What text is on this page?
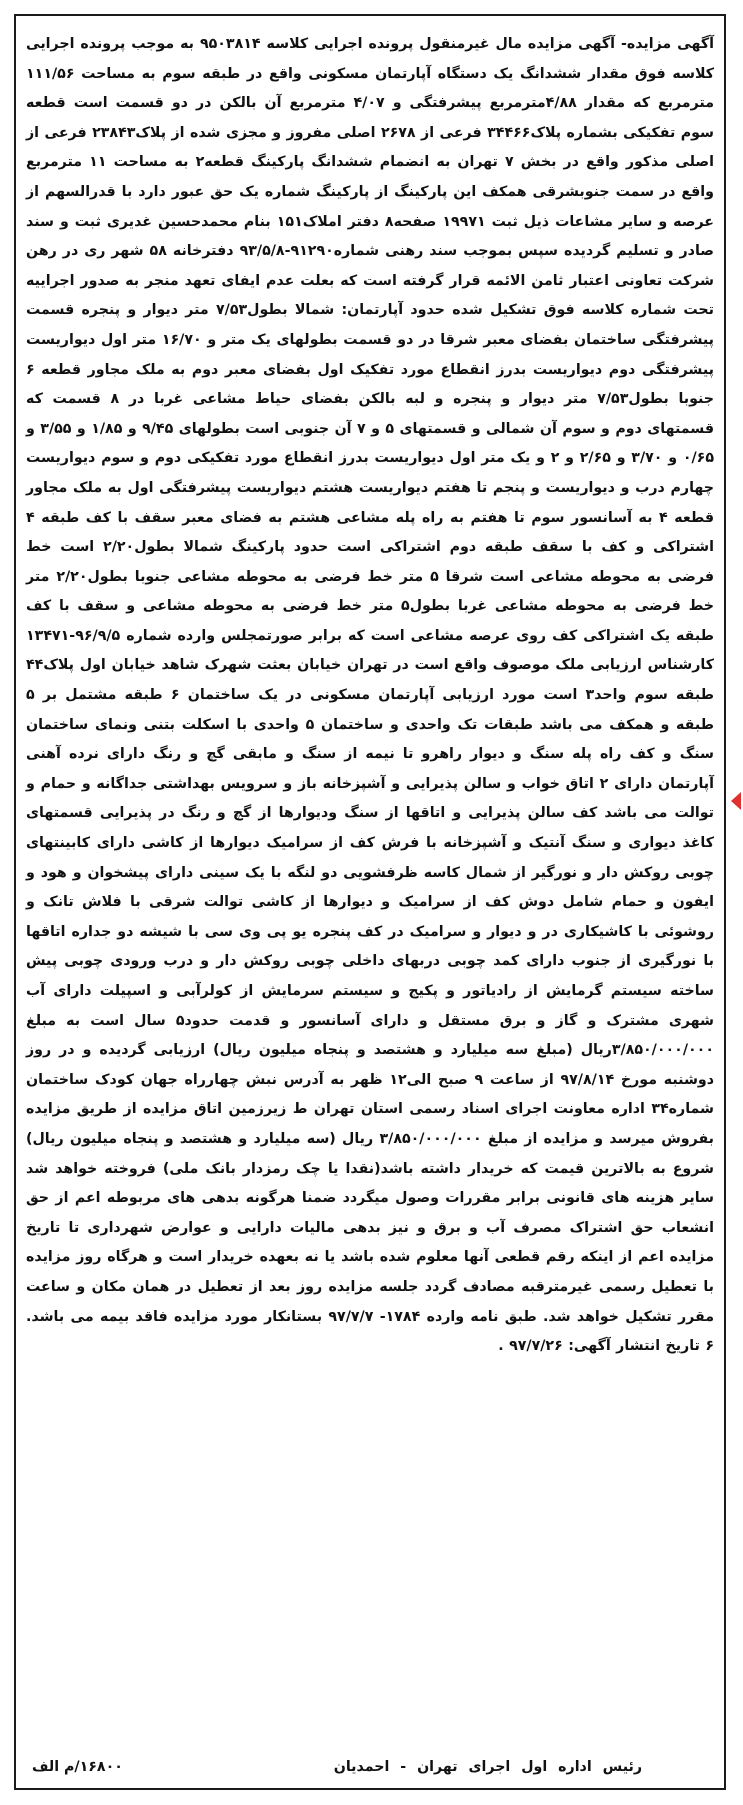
آگهی مزایده- آگهی مزایده مال غیرمنقول پرونده اجرایی کلاسه ۹۵۰۳۸۱۴ به موجب پرونده اجرایی کلاسه فوق مقدار ششدانگ یک دستگاه آپارتمان مسکونی واقع در طبقه سوم به مساحت ۱۱۱/۵۶ مترمربع که مقدار ۴/۸۸مترمربع پیشرفتگی و ۴/۰۷ مترمربع آن بالکن در دو قسمت است قطعه سوم تفکیکی بشماره پلاک۳۴۴۶۶ فرعی از ۲۶۷۸ اصلی مفروز و مجزی شده از پلاک۲۳۸۴۳ فرعی از اصلی مذکور واقع در بخش ۷ تهران به انضمام ششدانگ پارکینگ قطعه۲ به مساحت ۱۱ مترمربع واقع در سمت جنوبشرقی همکف این پارکینگ از پارکینگ شماره یک حق عبور دارد با قدرالسهم از عرصه و سایر مشاعات ذیل ثبت ۱۹۹۷۱ صفحه۸ دفتر املاک۱۵۱ بنام محمدحسین غدیری ثبت و سند صادر و تسلیم گردیده سپس بموجب سند رهنی شماره۹۱۲۹۰-۹۳/۵/۸ دفترخانه ۵۸ شهر ری در رهن شرکت تعاونی اعتبار ثامن الائمه قرار گرفته است که بعلت عدم ایفای تعهد منجر به صدور اجراییه تحت شماره کلاسه فوق تشکیل شده حدود آپارتمان: شمالا بطول۷/۵۳ متر دیوار و پنجره قسمت پیشرفتگی ساختمان بفضای معبر شرقا در دو قسمت بطولهای یک متر و ۱۶/۷۰ متر اول دیواریست پیشرفتگی دوم دیواریست بدرز انقطاع مورد تفکیک اول بفضای معبر دوم به ملک مجاور قطعه ۶ جنوبا بطول۷/۵۳ متر دیوار و پنجره و لبه بالکن بفضای حیاط مشاعی غربا در ۸ قسمت که قسمتهای دوم و سوم آن شمالی و قسمتهای ۵ و ۷ آن جنوبی است بطولهای ۹/۴۵ و ۱/۸۵ و ۳/۵۵ و ۰/۶۵ و ۳/۷۰ و ۲/۶۵ و ۲ و یک متر اول دیواریست بدرز انقطاع مورد تفکیکی دوم و سوم دیواریست چهارم درب و دیواریست و پنجم تا هفتم دیواریست هشتم دیواریست پیشرفتگی اول به ملک مجاور قطعه ۴ به آسانسور سوم تا هفتم به راه پله مشاعی هشتم به فضای معبر سقف با کف طبقه ۴ اشتراکی و کف با سقف طبقه دوم اشتراکی است حدود پارکینگ شمالا بطول۲/۲۰ است خط فرضی به محوطه مشاعی است شرقا ۵ متر خط فرضی به محوطه مشاعی جنوبا بطول۲/۲۰ متر خط فرضی به محوطه مشاعی غربا بطول۵ متر خط فرضی به محوطه مشاعی و سقف با کف طبقه یک اشتراکی کف روی عرصه مشاعی است که برابر صورتمجلس وارده شماره ۹۶/۹/۵-۱۳۴۷۱ کارشناس ارزیابی ملک موصوف واقع است در تهران خیابان بعثت شهرک شاهد خیابان اول پلاک۴۴ طبقه سوم واحد۳ است مورد ارزیابی آپارتمان مسکونی در یک ساختمان ۶ طبقه مشتمل بر ۵ طبقه و همکف می باشد طبقات تک واحدی و ساختمان ۵ واحدی با اسکلت بتنی ونمای ساختمان سنگ و کف راه پله سنگ و دیوار راهرو تا نیمه از سنگ و مابقی گچ و رنگ دارای نرده آهنی آپارتمان دارای ۲ اتاق خواب و سالن پذیرایی و آشپزخانه باز و سرویس بهداشتی جداگانه و حمام و توالت می باشد کف سالن پذیرایی و اتاقها از سنگ ودیوارها از گچ و رنگ در پذیرایی قسمتهای کاغذ دیواری و سنگ آنتیک و آشپزخانه با فرش کف از سرامیک دیوارها از کاشی دارای کابینتهای چوبی روکش دار و نورگیر از شمال کاسه ظرفشویی دو لنگه با یک سینی دارای پیشخوان و هود و ایفون و حمام شامل دوش کف از سرامیک و دیوارها از کاشی توالت شرقی با فلاش تانک و روشوئی با کاشیکاری در و دیوار و سرامیک در کف پنجره یو پی وی سی با شیشه دو جداره اتاقها با نورگیری از جنوب دارای کمد چوبی دربهای داخلی چوبی روکش دار و درب ورودی چوبی پیش ساخته سیستم گرمایش از رادیاتور و پکیج و سیستم سرمایش از کولرآبی و اسپیلت دارای آب شهری مشترک و گاز و برق مستقل و دارای آسانسور و قدمت حدود۵ سال است به مبلغ ۳/۸۵۰/۰۰۰/۰۰۰ریال (مبلغ سه میلیارد و هشتصد و پنجاه میلیون ریال) ارزیابی گردیده و در روز دوشنبه مورخ ۹۷/۸/۱۴ از ساعت ۹ صبح الی۱۲ ظهر به آدرس نبش چهارراه جهان کودک ساختمان شماره۳۴ اداره معاونت اجرای اسناد رسمی استان تهران ط زیرزمین اتاق مزایده از طریق مزایده بفروش میرسد و مزایده از مبلغ ۳/۸۵۰/۰۰۰/۰۰۰ ریال (سه میلیارد و هشتصد و پنجاه میلیون ریال) شروع به بالاترین قیمت که خریدار داشته باشد(نقدا یا چک رمزدار بانک ملی) فروخته خواهد شد سایر هزینه های قانونی برابر مقررات وصول میگردد ضمنا هرگونه بدهی های مربوطه اعم از حق انشعاب حق اشتراک مصرف آب و برق و نیز بدهی مالیات دارایی و عوارض شهرداری تا تاریخ مزایده اعم از اینکه رقم قطعی آنها معلوم شده باشد یا نه بعهده خریدار است و هرگاه روز مزایده با تعطیل رسمی غیرمترقبه مصادف گردد جلسه مزایده روز بعد از تعطیل در همان مکان و ساعت مقرر تشکیل خواهد شد. طبق نامه وارده ۱۷۸۴- ۹۷/۷/۷ بستانکار مورد مزایده فاقد بیمه می باشد. ۶ تاریخ انتشار آگهی: ۹۷/۷/۲۶ .

رئیس اداره اول اجرای تهران - احمدیان
۱۶۸۰۰/م الف
